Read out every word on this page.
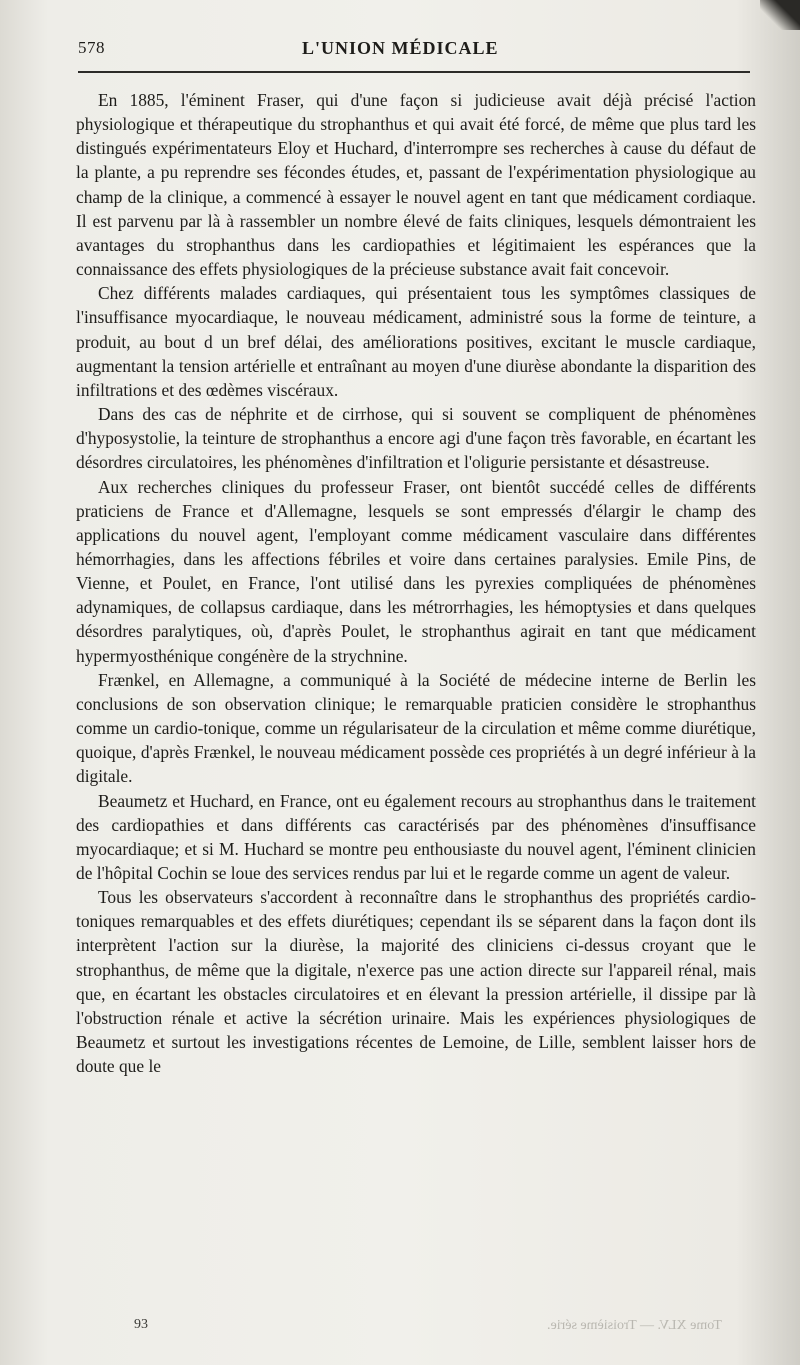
578	L'UNION MÉDICALE

En 1885, l'éminent Fraser, qui d'une façon si judicieuse avait déjà précisé l'action physiologique et thérapeutique du strophanthus et qui avait été forcé, de même que plus tard les distingués expérimentateurs Eloy et Huchard, d'interrompre ses recherches à cause du défaut de la plante, a pu reprendre ses fécondes études, et, passant de l'expérimentation physiologique au champ de la clinique, a commencé à essayer le nouvel agent en tant que médicament cordiaque. Il est parvenu par là à rassembler un nombre élevé de faits cliniques, lesquels démontraient les avantages du strophanthus dans les cardiopathies et légitimaient les espérances que la connaissance des effets physiologiques de la précieuse substance avait fait concevoir.

Chez différents malades cardiaques, qui présentaient tous les symptômes classiques de l'insuffisance myocardiaque, le nouveau médicament, administré sous la forme de teinture, a produit, au bout d un bref délai, des améliorations positives, excitant le muscle cardiaque, augmentant la tension artérielle et entraînant au moyen d'une diurèse abondante la disparition des infiltrations et des œdèmes viscéraux.

Dans des cas de néphrite et de cirrhose, qui si souvent se compliquent de phénomènes d'hyposystolie, la teinture de strophanthus a encore agi d'une façon très favorable, en écartant les désordres circulatoires, les phénomènes d'infiltration et l'oligurie persistante et désastreuse.

Aux recherches cliniques du professeur Fraser, ont bientôt succédé celles de différents praticiens de France et d'Allemagne, lesquels se sont empressés d'élargir le champ des applications du nouvel agent, l'employant comme médicament vasculaire dans différentes hémorrhagies, dans les affections fébriles et voire dans certaines paralysies. Emile Pins, de Vienne, et Poulet, en France, l'ont utilisé dans les pyrexies compliquées de phénomènes adynamiques, de collapsus cardiaque, dans les métrorrhagies, les hémoptysies et dans quelques désordres paralytiques, où, d'après Poulet, le strophanthus agirait en tant que médicament hypermyosthénique congénère de la strychnine.

Frænkel, en Allemagne, a communiqué à la Société de médecine interne de Berlin les conclusions de son observation clinique; le remarquable praticien considère le strophanthus comme un cardio-tonique, comme un régularisateur de la circulation et même comme diurétique, quoique, d'après Frænkel, le nouveau médicament possède ces propriétés à un degré inférieur à la digitale.

Beaumetz et Huchard, en France, ont eu également recours au strophanthus dans le traitement des cardiopathies et dans différents cas caractérisés par des phénomènes d'insuffisance myocardiaque; et si M. Huchard se montre peu enthousiaste du nouvel agent, l'éminent clinicien de l'hôpital Cochin se loue des services rendus par lui et le regarde comme un agent de valeur.

Tous les observateurs s'accordent à reconnaître dans le strophanthus des propriétés cardio-toniques remarquables et des effets diurétiques; cependant ils se séparent dans la façon dont ils interprètent l'action sur la diurèse, la majorité des cliniciens ci-dessus croyant que le strophanthus, de même que la digitale, n'exerce pas une action directe sur l'appareil rénal, mais que, en écartant les obstacles circulatoires et en élevant la pression artérielle, il dissipe par là l'obstruction rénale et active la sécrétion urinaire. Mais les expériences physiologiques de Beaumetz et surtout les investigations récentes de Lemoine, de Lille, semblent laisser hors de doute que le

93	Tome XLV. — Troisième série.
